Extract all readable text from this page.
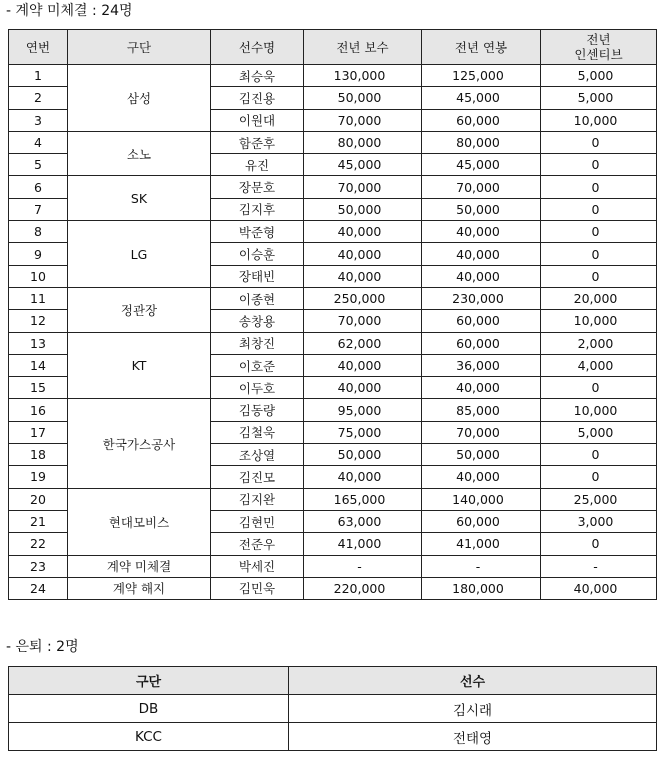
- 계약 미체결 : 24명
연번	구단	선수명	전년 보수	전년 연봉	전년
인센티브
1	삼성	최승욱	130,000	125,000	5,000
2		김진용	50,000	45,000	5,000
3		이원대	70,000	60,000	10,000
4	소노	함준후	80,000	80,000	0
5		유진	45,000	45,000	0
6	SK	장문호	70,000	70,000	0
7		김지후	50,000	50,000	0
8	LG	박준형	40,000	40,000	0
9		이승훈	40,000	40,000	0
10		장태빈	40,000	40,000	0
11	정관장	이종현	250,000	230,000	20,000
12		송창용	70,000	60,000	10,000
13	KT	최창진	62,000	60,000	2,000
14		이호준	40,000	36,000	4,000
15		이두호	40,000	40,000	0
16	한국가스공사	김동량	95,000	85,000	10,000
17		김철욱	75,000	70,000	5,000
18		조상열	50,000	50,000	0
19		김진모	40,000	40,000	0
20	현대모비스	김지완	165,000	140,000	25,000
21		김현민	63,000	60,000	3,000
22		전준우	41,000	41,000	0
23	계약 미체결	박세진	-	-	-
24	계약 해지	김민욱	220,000	180,000	40,000
- 은퇴 : 2명
구단	선수
DB	김시래
KCC	전태영
